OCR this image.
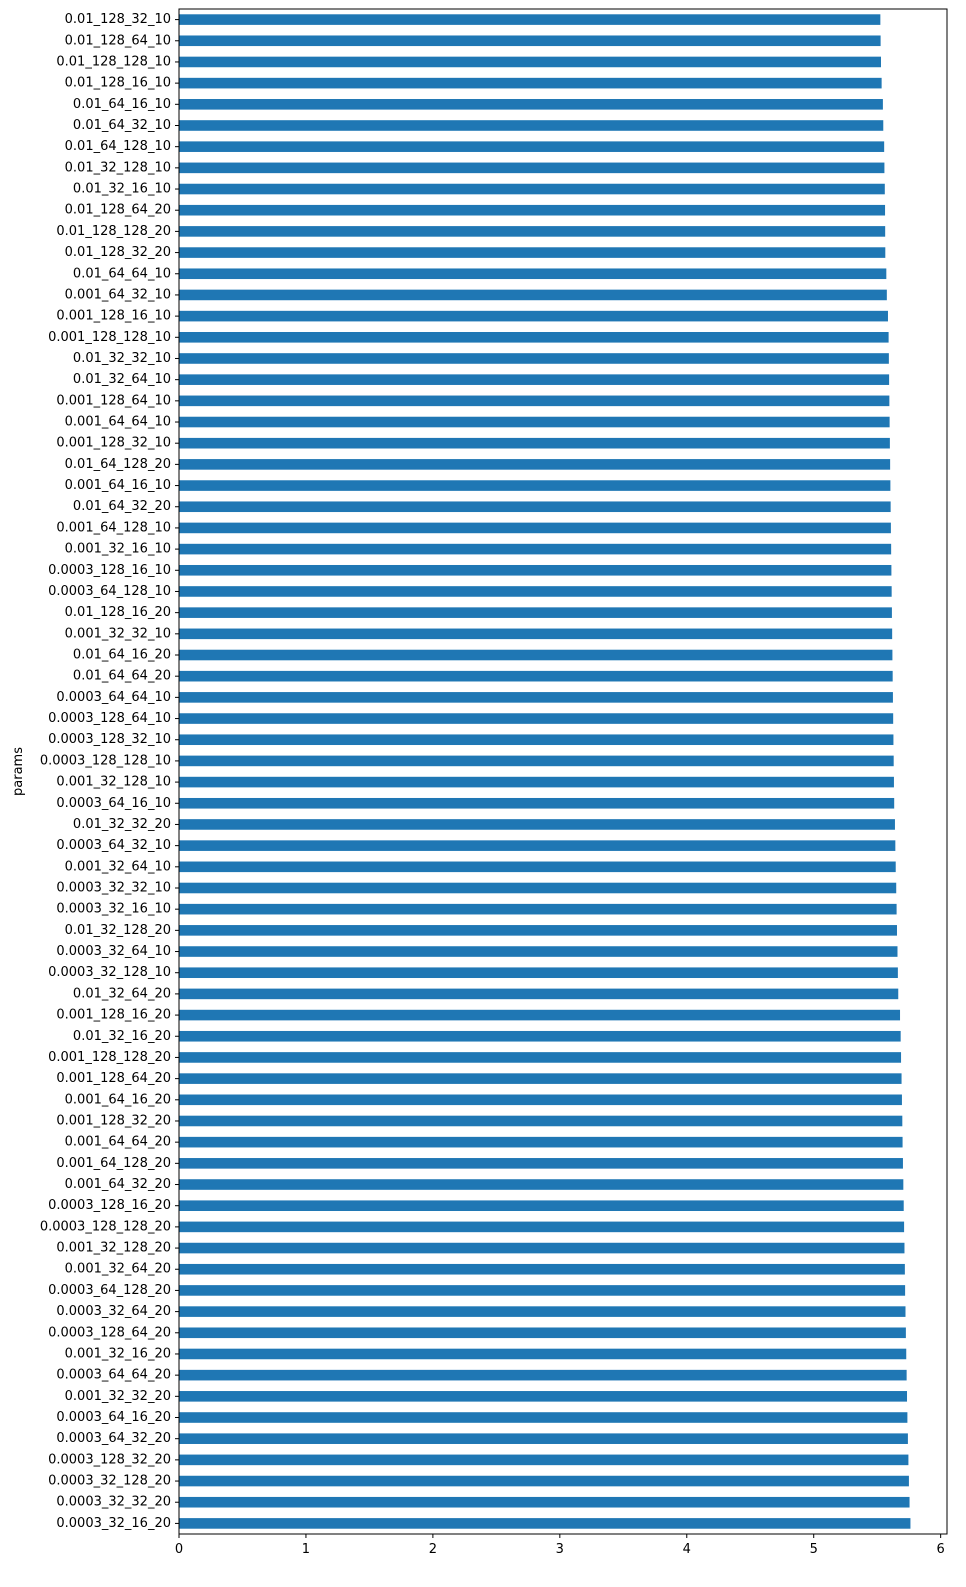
0.01_128_32_10
0.01_128_64_10
0.01_128_128_10
0.01_128_16_10
0.01_64_16_10
0.01_64_32_10
0.01_64_128_10
0.01_32_128_10
0.01_32_16_10
0.01_128_64_20
0.01_128_128_20
0.01_128_32_20
0.01_64_64_10
0.001_64_32_10
0.001_128_16_10
0.001_128_128_10
0.01_32_32_10
0.01_32_64_10
0.001_128_64_10
0.001_64_64_10
0.001_128_32_10
0.01_64_128_20
0.001_64_16_10
0.01_64_32_20
0.001_64_128_10
0.001_32_16_10
0.0003_128_16_10
0.0003_64_128_10
0.01_128_16_20
0.001_32_32_10
0.01_64_16_20
0.01_64_64_20
0.0003_64_64_10
0.0003_128_64_10
0.0003_128_32_10
0.0003_128_128_10
0.001_32_128_10
0.0003_64_16_10
0.01_32_32_20
0.0003_64_32_10
0.001_32_64_10
0.0003_32_32_10
0.0003_32_16_10
0.01_32_128_20
0.0003_32_64_10
0.0003_32_128_10
0.01_32_64_20
0.001_128_16_20
0.01_32_16_20
0.001_128_128_20
0.001_128_64_20
0.001_64_16_20
0.001_128_32_20
0.001_64_64_20
0.001_64_128_20
0.001_64_32_20
0.0003_128_16_20
0.0003_128_128_20
0.001_32_128_20
0.001_32_64_20
0.0003_64_128_20
0.0003_32_64_20
0.0003_128_64_20
0.001_32_16_20
0.0003_64_64_20
0.001_32_32_20
0.0003_64_16_20
0.0003_64_32_20
0.0003_128_32_20
0.0003_32_128_20
0.0003_32_32_20
0.0003_32_16_20
0	1	2	3	4	5	6
params
